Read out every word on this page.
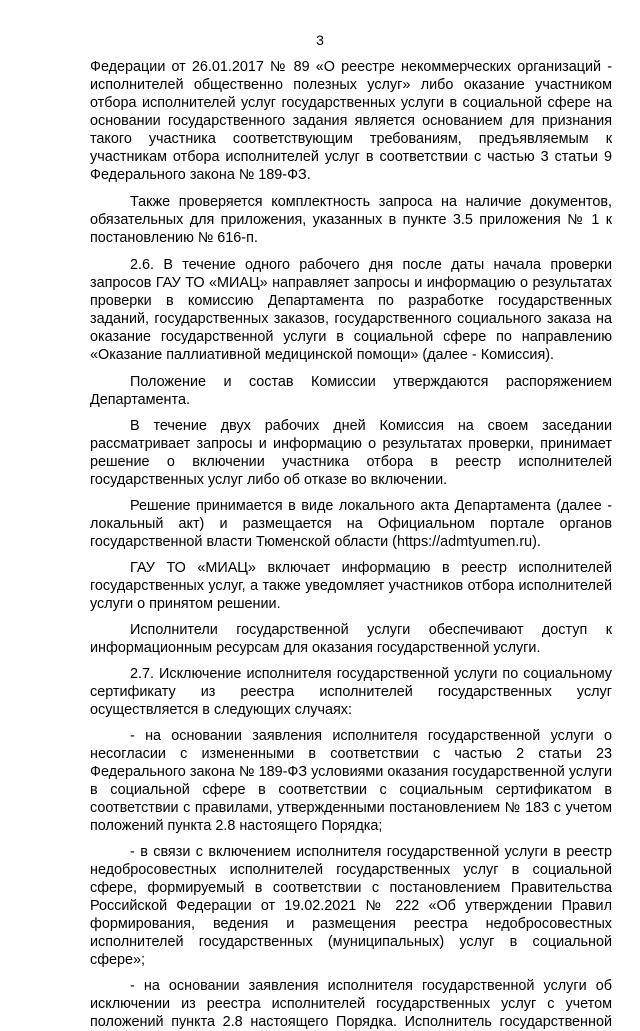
3

Федерации от 26.01.2017 № 89 «О реестре некоммерческих организаций - исполнителей общественно полезных услуг» либо оказание участником отбора исполнителей услуг государственных услуги в социальной сфере на основании государственного задания является основанием для признания такого участника соответствующим требованиям, предъявляемым к участникам отбора исполнителей услуг в соответствии с частью 3 статьи 9 Федерального закона № 189-ФЗ.

Также проверяется комплектность запроса на наличие документов, обязательных для приложения, указанных в пункте 3.5 приложения № 1 к постановлению № 616-п.

2.6. В течение одного рабочего дня после даты начала проверки запросов ГАУ ТО «МИАЦ» направляет запросы и информацию о результатах проверки в комиссию Департамента по разработке государственных заданий, государственных заказов, государственного социального заказа на оказание государственной услуги в социальной сфере по направлению «Оказание паллиативной медицинской помощи» (далее - Комиссия).

Положение и состав Комиссии утверждаются распоряжением Департамента.

В течение двух рабочих дней Комиссия на своем заседании рассматривает запросы и информацию о результатах проверки, принимает решение о включении участника отбора в реестр исполнителей государственных услуг либо об отказе во включении.

Решение принимается в виде локального акта Департамента (далее - локальный акт) и размещается на Официальном портале органов государственной власти Тюменской области (https://admtyumen.ru).

ГАУ ТО «МИАЦ» включает информацию в реестр исполнителей государственных услуг, а также уведомляет участников отбора исполнителей услуги о принятом решении.

Исполнители государственной услуги обеспечивают доступ к информационным ресурсам для оказания государственной услуги.

2.7. Исключение исполнителя государственной услуги по социальному сертификату из реестра исполнителей государственных услуг осуществляется в следующих случаях:

- на основании заявления исполнителя государственной услуги о несогласии с измененными в соответствии с частью 2 статьи 23 Федерального закона № 189-ФЗ условиями оказания государственной услуги в социальной сфере в соответствии с социальным сертификатом в соответствии с правилами, утвержденными постановлением № 183 с учетом положений пункта 2.8 настоящего Порядка;

- в связи с включением исполнителя государственной услуги в реестр недобросовестных исполнителей государственных услуг в социальной сфере, формируемый в соответствии с постановлением Правительства Российской Федерации от 19.02.2021 № 222 «Об утверждении Правил формирования, ведения и размещения реестра недобросовестных исполнителей государственных (муниципальных) услуг в социальной сфере»;

- на основании заявления исполнителя государственной услуги об исключении из реестра исполнителей государственных услуг с учетом положений пункта 2.8 настоящего Порядка. Исполнитель государственной
